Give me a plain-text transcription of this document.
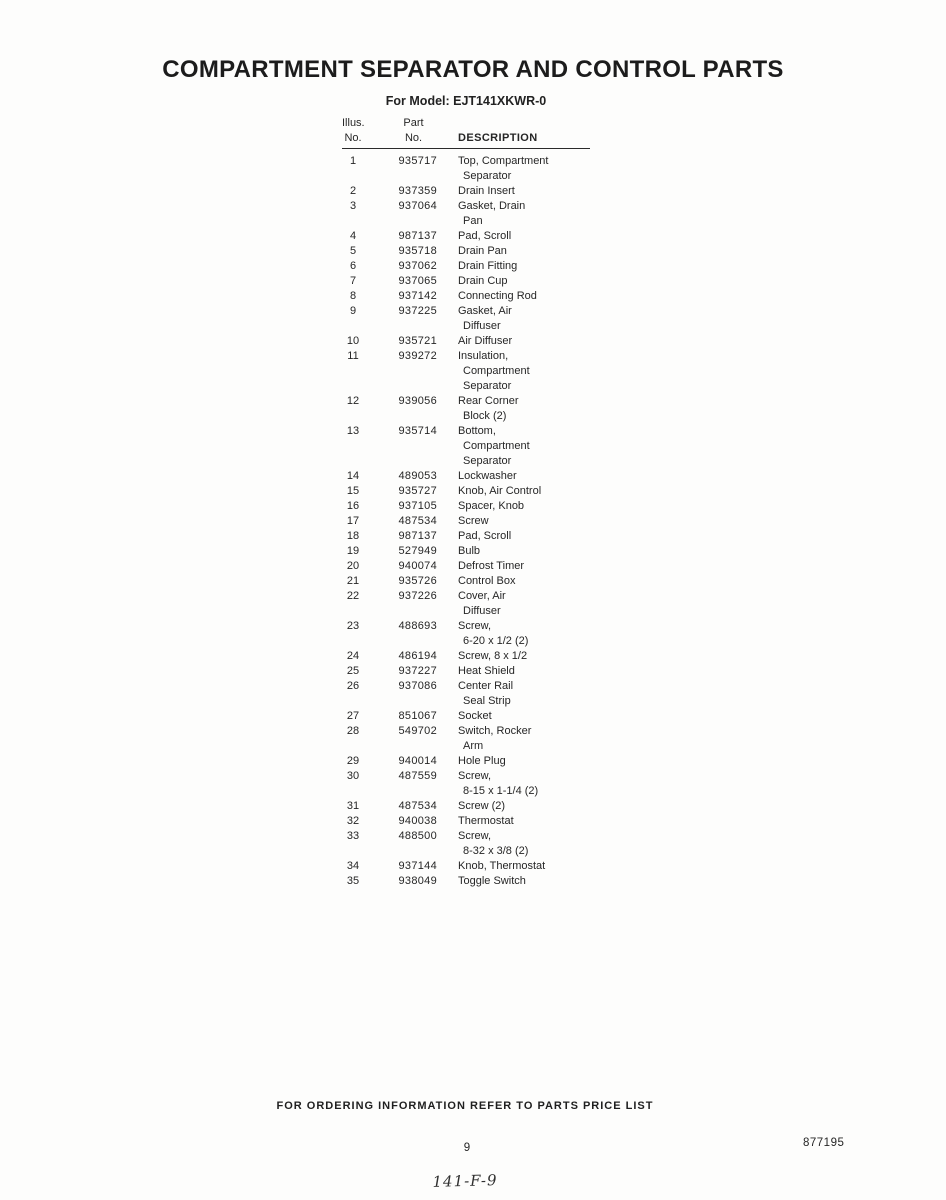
COMPARTMENT SEPARATOR AND CONTROL PARTS
For Model: EJT141XKWR-0
Illus.	Part
No.	No.	DESCRIPTION
1	935717 Top, Compartment
Separator
2	937359 Drain Insert
3	937064 Gasket, Drain
Pan
4	987137 Pad, Scroll
5	935718 Drain Pan
6	937062 Drain Fitting
7	937065 Drain Cup
8	937142 Connecting Rod
9	937225 Gasket, Air
Diffuser
10	935721 Air Diffuser
11	939272 Insulation,
Compartment
Separator
12	939056 Rear Corner
Block (2)
13	935714 Bottom,
Compartment
Separator
14	489053 Lockwasher
15	935727 Knob, Air Control
16	937105 Spacer, Knob
17	487534 Screw
18	987137 Pad, Scroll
19	527949 Bulb
20	940074 Defrost Timer
21	935726 Control Box
22	937226 Cover, Air
Diffuser
23	488693 Screw,
6-20 x 1/2 (2)
24	486194 Screw, 8 x 1/2
25	937227 Heat Shield
26	937086 Center Rail
Seal Strip
27	851067 Socket
28	549702 Switch, Rocker
Arm
29	940014 Hole Plug
30	487559 Screw,
8-15 x 1-1/4 (2)
31	487534 Screw (2)
32	940038 Thermostat
33	488500 Screw,
8-32 x 3/8 (2)
34	937144 Knob, Thermostat
35	938049 Toggle Switch
FOR ORDERING INFORMATION REFER TO PARTS PRICE LIST
9	877195
141-F-9
